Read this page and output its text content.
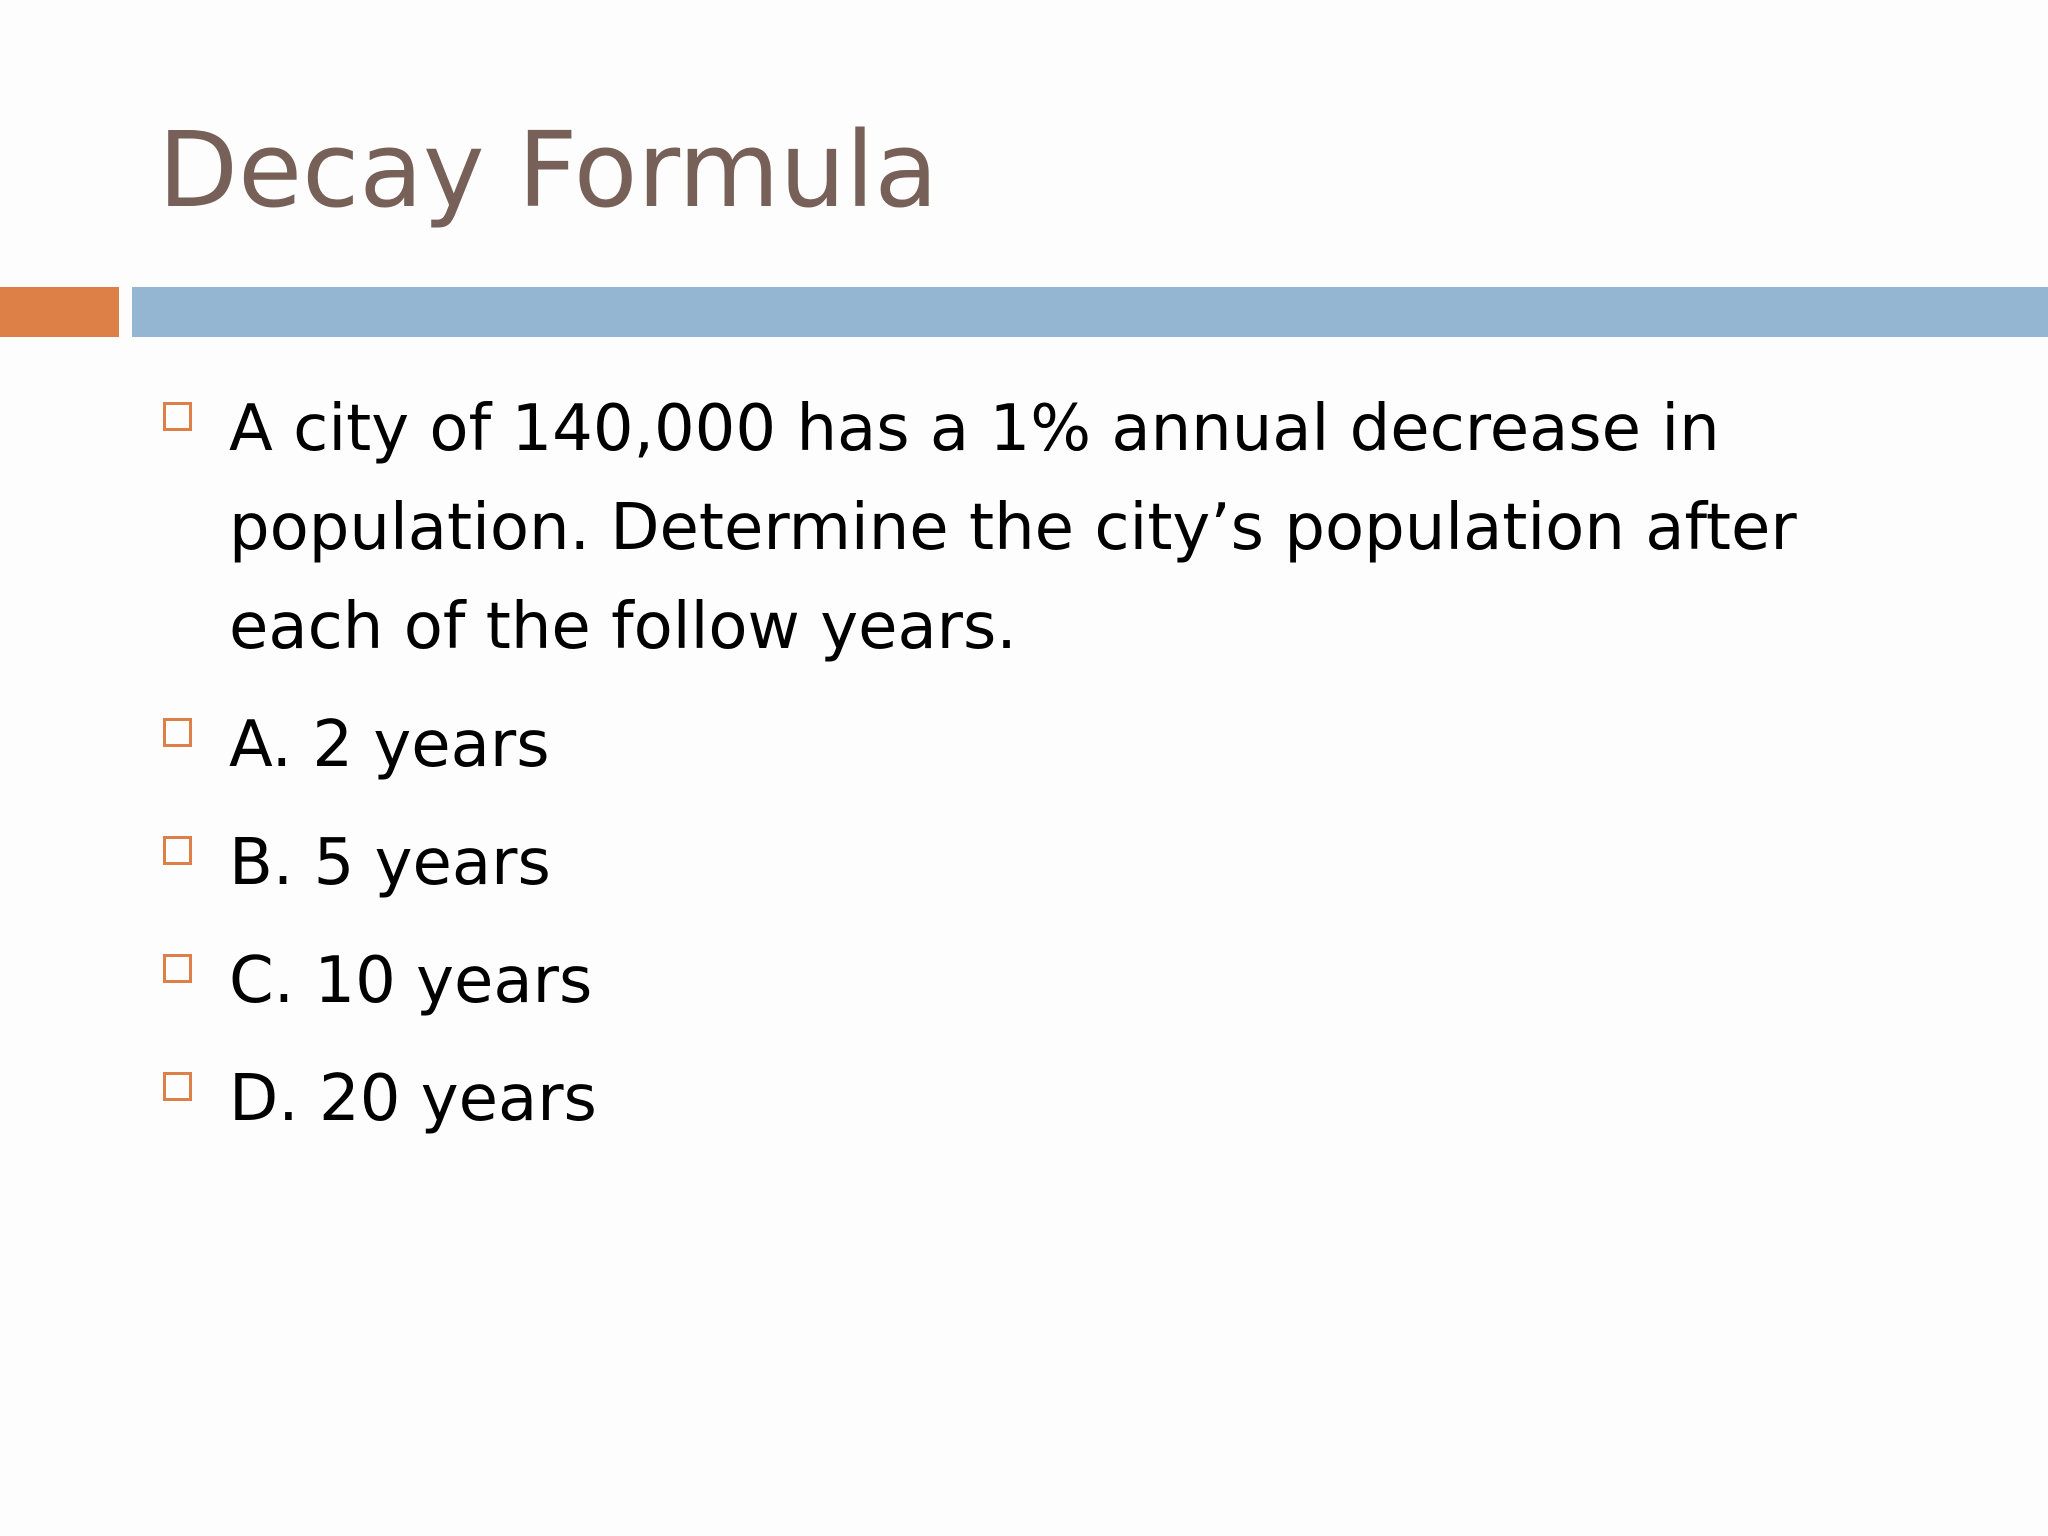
Decay Formula
A city of 140,000 has a 1% annual decrease in population. Determine the city’s population after each of the follow years.
A. 2 years
B. 5 years
C. 10 years
D. 20 years
